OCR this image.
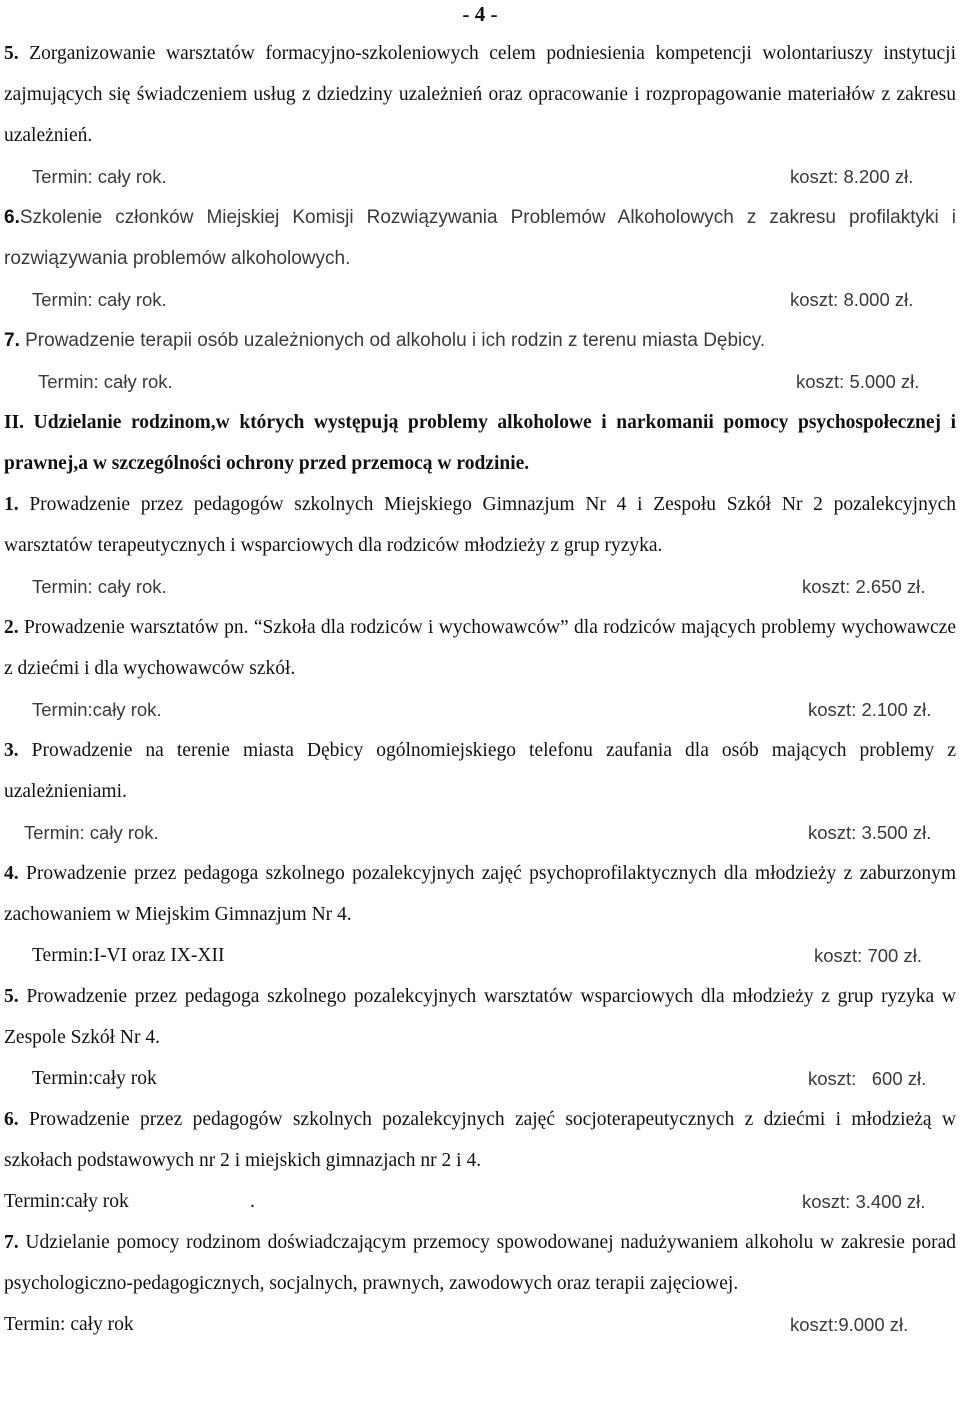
- 4 -

5. Zorganizowanie warsztatów formacyjno-szkoleniowych celem podniesienia kompetencji wolontariuszy instytucji zajmujących się świadczeniem usług z dziedziny uzależnień oraz opracowanie i rozpropagowanie materiałów z zakresu uzależnień.

Termin: cały rok.	koszt: 8.200 zł.

6.Szkolenie członków Miejskiej Komisji Rozwiązywania Problemów Alkoholowych z zakresu profilaktyki i rozwiązywania problemów alkoholowych.

Termin: cały rok.	koszt: 8.000 zł.

7. Prowadzenie terapii osób uzależnionych od alkoholu i ich rodzin z terenu miasta Dębicy.

Termin: cały rok.	koszt: 5.000 zł.

II. Udzielanie rodzinom,w których występują problemy alkoholowe i narkomanii pomocy psychospołecznej i prawnej,a w szczególności ochrony przed przemocą w rodzinie.

1. Prowadzenie przez pedagogów szkolnych Miejskiego Gimnazjum Nr 4 i Zespołu Szkół Nr 2 pozalekcyjnych warsztatów terapeutycznych i wsparciowych dla rodziców młodzieży z grup ryzyka.

Termin: cały rok.	koszt: 2.650 zł.

2. Prowadzenie warsztatów pn. “Szkoła dla rodziców i wychowawców” dla rodziców mających problemy wychowawcze z dziećmi i dla wychowawców szkół.

Termin:cały rok.	koszt: 2.100 zł.

3. Prowadzenie na terenie miasta Dębicy ogólnomiejskiego telefonu zaufania dla osób mających problemy z uzależnieniami.

Termin: cały rok.	koszt: 3.500 zł.

4. Prowadzenie przez pedagoga szkolnego pozalekcyjnych zajęć psychoprofilaktycznych dla młodzieży z zaburzonym zachowaniem w Miejskim Gimnazjum Nr 4.

Termin:I-VI oraz IX-XII	koszt: 700 zł.

5. Prowadzenie przez pedagoga szkolnego pozalekcyjnych warsztatów wsparciowych dla młodzieży z grup ryzyka w Zespole Szkół Nr 4.

Termin:cały rok	koszt:   600 zł.

6. Prowadzenie przez pedagogów szkolnych pozalekcyjnych zajęć socjoterapeutycznych z dziećmi i młodzieżą w szkołach podstawowych nr 2 i miejskich gimnazjach nr 2 i 4.

Termin:cały rok	.	koszt: 3.400 zł.

7. Udzielanie pomocy rodzinom doświadczającym przemocy spowodowanej nadużywaniem alkoholu w zakresie porad psychologiczno-pedagogicznych, socjalnych, prawnych, zawodowych oraz terapii zajęciowej.

Termin: cały rok	koszt:9.000 zł.
